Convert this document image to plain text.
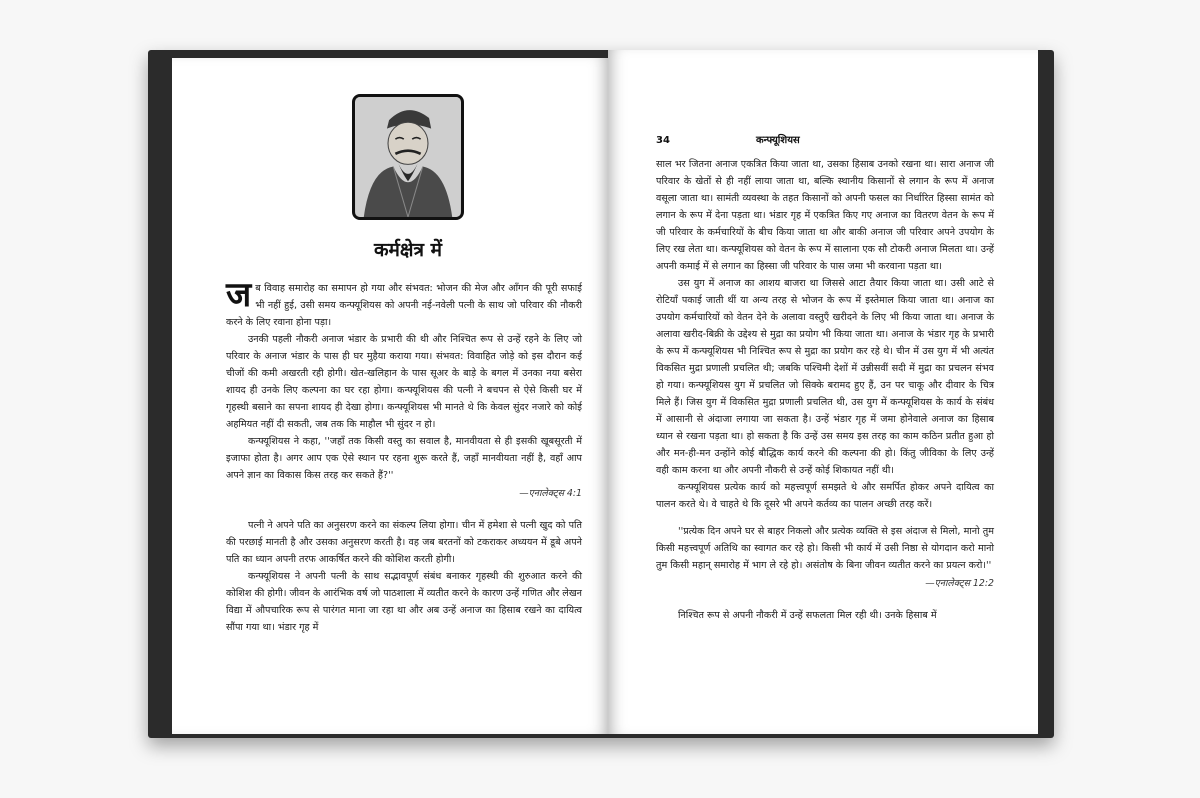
कर्मक्षेत्र में

जब विवाह समारोह का समापन हो गया और संभवत: भोजन की मेज और आँगन की पूरी सफाई भी नहीं हुई, उसी समय कन्फ्यूशियस को अपनी नई-नवेली पत्नी के साथ जो परिवार की नौकरी करने के लिए रवाना होना पड़ा।

उनकी पहली नौकरी अनाज भंडार के प्रभारी की थी और निश्चित रूप से उन्हें रहने के लिए जो परिवार के अनाज भंडार के पास ही घर मुहैया कराया गया। संभवत: विवाहित जोड़े को इस दौरान कई चीजों की कमी अखरती रही होगी। खेत-खलिहान के पास सूअर के बाड़े के बगल में उनका नया बसेरा शायद ही उनके लिए कल्पना का घर रहा होगा। कन्फ्यूशियस की पत्नी ने बचपन से ऐसे किसी घर में गृहस्थी बसाने का सपना शायद ही देखा होगा। कन्फ्यूशियस भी मानते थे कि केवल सुंदर नजारे को कोई अहमियत नहीं दी सकती, जब तक कि माहौल भी सुंदर न हो।

कन्फ्यूशियस ने कहा, ''जहाँ तक किसी वस्तु का सवाल है, मानवीयता से ही इसकी खूबसूरती में इजाफा होता है। अगर आप एक ऐसे स्थान पर रहना शुरू करते हैं, जहाँ मानवीयता नहीं है, वहाँ आप अपने ज्ञान का विकास किस तरह कर सकते हैं?''

—एनालेक्ट्स 4:1

पत्नी ने अपने पति का अनुसरण करने का संकल्प लिया होगा। चीन में हमेशा से पत्नी खुद को पति की परछाई मानती है और उसका अनुसरण करती है। वह जब बरतनों को टकराकर अध्ययन में डूबे अपने पति का ध्यान अपनी तरफ आकर्षित करने की कोशिश करती होगी।

कन्फ्यूशियस ने अपनी पत्नी के साथ सद्भावपूर्ण संबंध बनाकर गृहस्थी की शुरुआत करने की कोशिश की होगी। जीवन के आरंभिक वर्ष जो पाठशाला में व्यतीत करने के कारण उन्हें गणित और लेखन विद्या में औपचारिक रूप से पारंगत माना जा रहा था और अब उन्हें अनाज का हिसाब रखने का दायित्व सौंपा गया था। भंडार गृह में

34	कन्फ्यूशियस

साल भर जितना अनाज एकत्रित किया जाता था, उसका हिसाब उनको रखना था। सारा अनाज जी परिवार के खेतों से ही नहीं लाया जाता था, बल्कि स्थानीय किसानों से लगान के रूप में अनाज वसूला जाता था। सामंती व्यवस्था के तहत किसानों को अपनी फसल का निर्धारित हिस्सा सामंत को लगान के रूप में देना पड़ता था। भंडार गृह में एकत्रित किए गए अनाज का वितरण वेतन के रूप में जी परिवार के कर्मचारियों के बीच किया जाता था और बाकी अनाज जी परिवार अपने उपयोग के लिए रख लेता था। कन्फ्यूशियस को वेतन के रूप में सालाना एक सौ टोकरी अनाज मिलता था। उन्हें अपनी कमाई में से लगान का हिस्सा जी परिवार के पास जमा भी करवाना पड़ता था।

उस युग में अनाज का आशय बाजरा था जिससे आटा तैयार किया जाता था। उसी आटे से रोटियाँ पकाई जाती थीं या अन्य तरह से भोजन के रूप में इस्तेमाल किया जाता था। अनाज का उपयोग कर्मचारियों को वेतन देने के अलावा वस्तुएँ खरीदने के लिए भी किया जाता था। अनाज के अलावा खरीद-बिक्री के उद्देश्य से मुद्रा का प्रयोग भी किया जाता था। अनाज के भंडार गृह के प्रभारी के रूप में कन्फ्यूशियस भी निश्चित रूप से मुद्रा का प्रयोग कर रहे थे। चीन में उस युग में भी अत्यंत विकसित मुद्रा प्रणाली प्रचलित थी; जबकि पश्चिमी देशों में उन्नीसवीं सदी में मुद्रा का प्रचलन संभव हो गया। कन्फ्यूशियस युग में प्रचलित जो सिक्के बरामद हुए हैं, उन पर चाकू और दीवार के चित्र मिले हैं। जिस युग में विकसित मुद्रा प्रणाली प्रचलित थी, उस युग में कन्फ्यूशियस के कार्य के संबंध में आसानी से अंदाजा लगाया जा सकता है। उन्हें भंडार गृह में जमा होनेवाले अनाज का हिसाब ध्यान से रखना पड़ता था। हो सकता है कि उन्हें उस समय इस तरह का काम कठिन प्रतीत हुआ हो और मन-ही-मन उन्होंने कोई बौद्धिक कार्य करने की कल्पना की हो। किंतु जीविका के लिए उन्हें वही काम करना था और अपनी नौकरी से उन्हें कोई शिकायत नहीं थी।

कन्फ्यूशियस प्रत्येक कार्य को महत्त्वपूर्ण समझते थे और समर्पित होकर अपने दायित्व का पालन करते थे। वे चाहते थे कि दूसरे भी अपने कर्तव्य का पालन अच्छी तरह करें।

''प्रत्येक दिन अपने घर से बाहर निकलो और प्रत्येक व्यक्ति से इस अंदाज से मिलो, मानो तुम किसी महत्त्वपूर्ण अतिथि का स्वागत कर रहे हो। किसी भी कार्य में उसी निष्ठा से योगदान करो मानो तुम किसी महान् समारोह में भाग ले रहे हो। असंतोष के बिना जीवन व्यतीत करने का प्रयत्न करो।''

—एनालेक्ट्स 12:2

निश्चित रूप से अपनी नौकरी में उन्हें सफलता मिल रही थी। उनके हिसाब में
